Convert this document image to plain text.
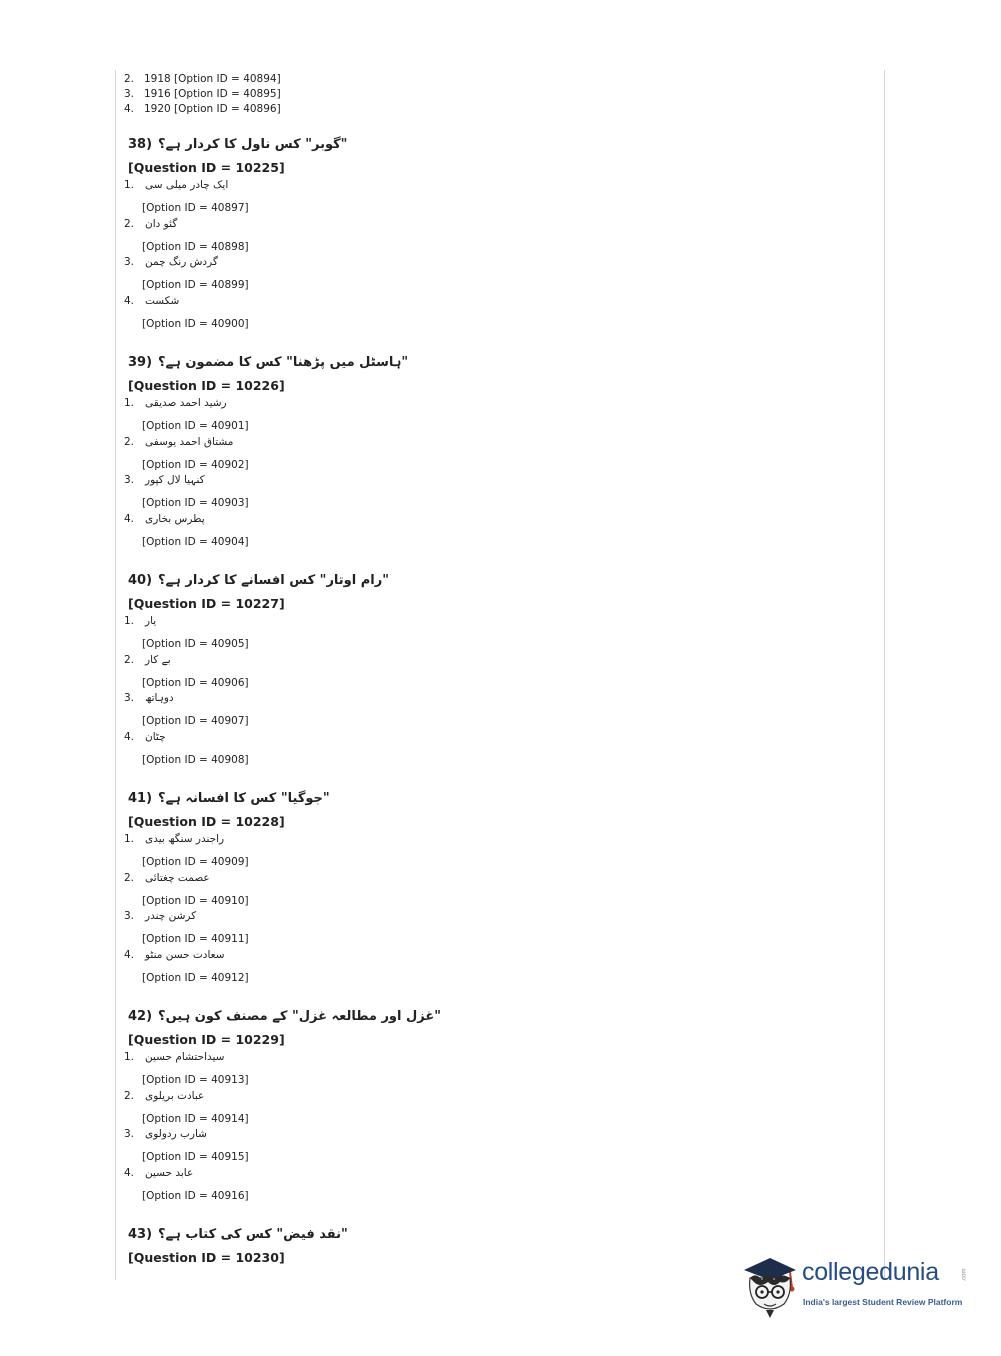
2. 1918 [Option ID = 40894]
3. 1916 [Option ID = 40895]
4. 1920 [Option ID = 40896]
38) "گوبر" کس ناول کا کردار ہے؟
[Question ID = 10225]
1. ایک چادر میلی سی
[Option ID = 40897]
2. گئو دان
[Option ID = 40898]
3. گردش رنگ چمن
[Option ID = 40899]
4. شکست
[Option ID = 40900]
39) "ہاسٹل میں پڑھنا" کس کا مضمون ہے؟
[Question ID = 10226]
1. رشید احمد صدیقی
[Option ID = 40901]
2. مشتاق احمد یوسفی
[Option ID = 40902]
3. کنہیا لال کپور
[Option ID = 40903]
4. پطرس بخاری
[Option ID = 40904]
40) "رام اوتار" کس افسانے کا کردار ہے؟
[Question ID = 10227]
1. یار
[Option ID = 40905]
2. بے کار
[Option ID = 40906]
3. دوہاتھ
[Option ID = 40907]
4. چٹان
[Option ID = 40908]
41) "جوگیا" کس کا افسانہ ہے؟
[Question ID = 10228]
1. راجندر سنگھ بیدی
[Option ID = 40909]
2. عصمت چغتائی
[Option ID = 40910]
3. کرشن چندر
[Option ID = 40911]
4. سعادت حسن منٹو
[Option ID = 40912]
42) "غزل اور مطالعہ غزل" کے مصنف کون ہیں؟
[Question ID = 10229]
1. سیداحتشام حسین
[Option ID = 40913]
2. عبادت بریلوی
[Option ID = 40914]
3. شارب ردولوی
[Option ID = 40915]
4. عابد حسین
[Option ID = 40916]
43) "نقد فیض" کس کی کتاب ہے؟
[Question ID = 10230]
collegedunia	.com
India's largest Student Review Platform
